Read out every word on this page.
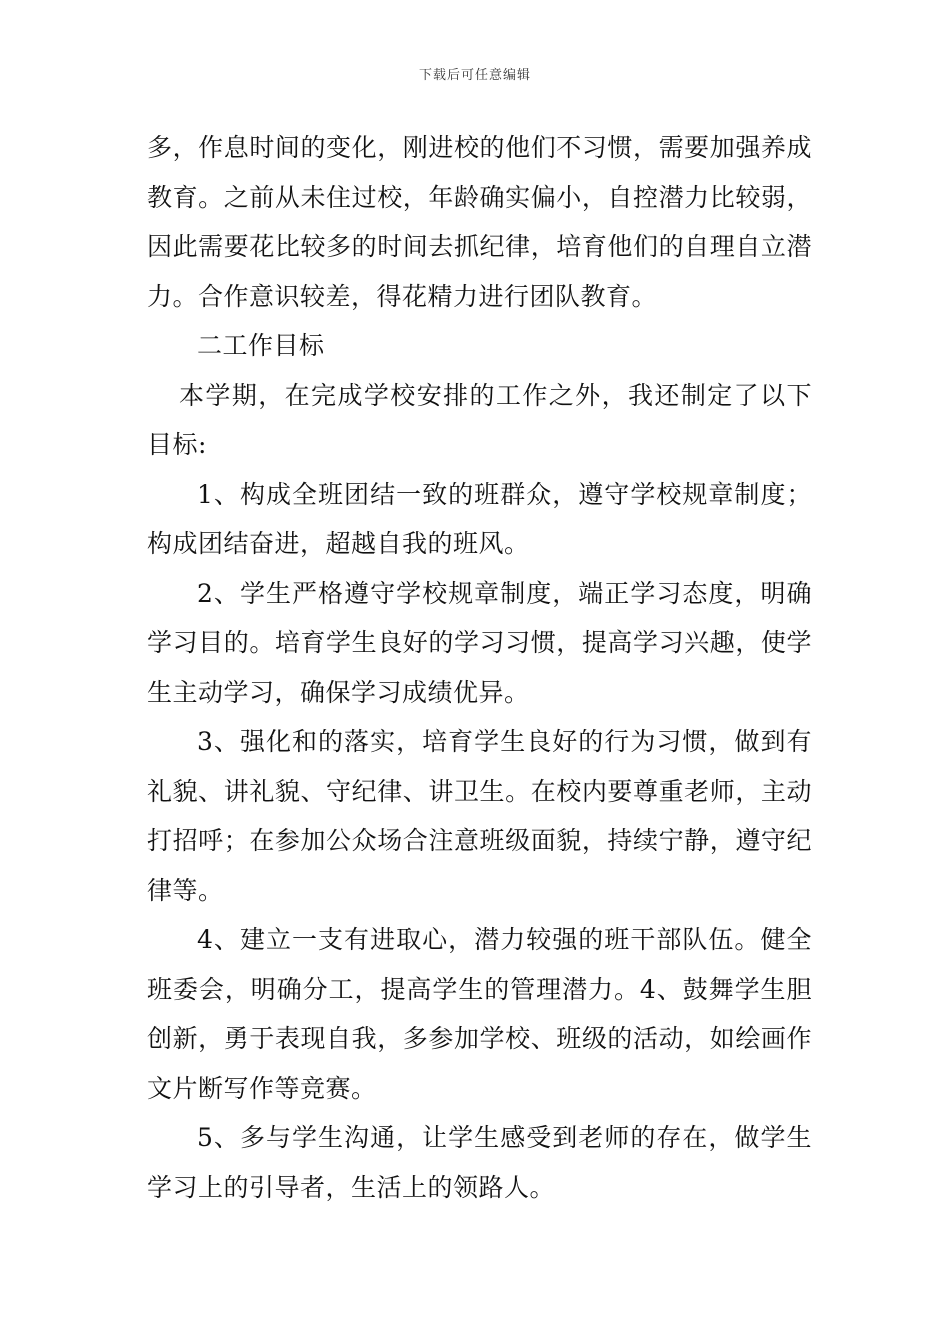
下载后可任意编辑

多，作息时间的变化，刚进校的他们不习惯，需要加强养成教育。之前从未住过校，年龄确实偏小，自控潜力比较弱，因此需要花比较多的时间去抓纪律，培育他们的自理自立潜力。合作意识较差，得花精力进行团队教育。

二工作目标

本学期，在完成学校安排的工作之外，我还制定了以下目标:

1、构成全班团结一致的班群众，遵守学校规章制度；构成团结奋进，超越自我的班风。

2、学生严格遵守学校规章制度，端正学习态度，明确学习目的。培育学生良好的学习习惯，提高学习兴趣，使学生主动学习，确保学习成绩优异。

3、强化和的落实，培育学生良好的行为习惯，做到有礼貌、讲礼貌、守纪律、讲卫生。在校内要尊重老师，主动打招呼；在参加公众场合注意班级面貌，持续宁静，遵守纪律等。

4、建立一支有进取心，潜力较强的班干部队伍。健全班委会，明确分工，提高学生的管理潜力。4、鼓舞学生胆创新，勇于表现自我，多参加学校、班级的活动，如绘画作文片断写作等竞赛。

5、多与学生沟通，让学生感受到老师的存在，做学生学习上的引导者，生活上的领路人。
